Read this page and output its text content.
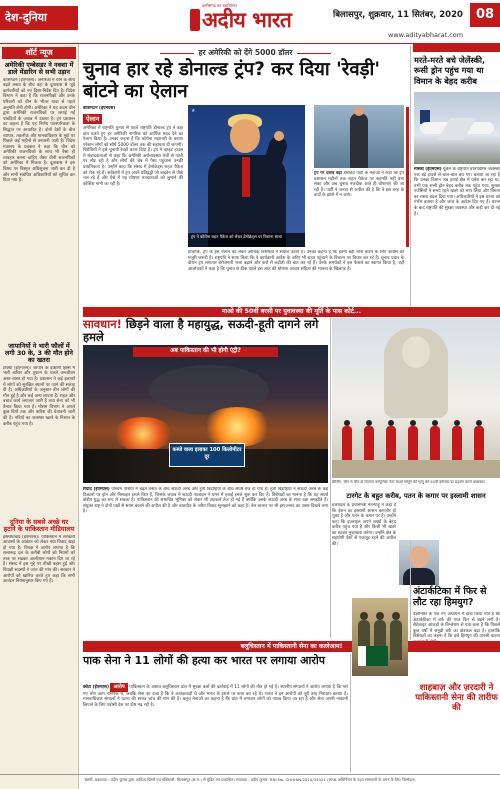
देश-दुनिया
छत्तीसगढ़ का स्वाभिमान
अदीय भारत	बिलासपुर, शुक्रवार, 11 सितंबर, 2020	08
www.adityabharat.com
शॉर्ट न्यूज
अमेरिकी एम्बेसडर ने नक्शा में डाले मेंडारिन से सभी उड़ान
वाशिंगटन (ईएमएस)। अमेरिका ने चीन के साथ बढ़ते तनाव के बीच वहां के दूतावास से जुड़े कर्मचारियों को नए दिशा-निर्देश दिए हैं। विदेश विभाग ने कहा है कि राजनयिकों और उनके परिवारों को चीन के भीतर यात्रा से पहले अनुमति लेनी होगी। अमेरिका ने यह कदम चीन द्वारा अमेरिकी राजनयिकों पर लगाई गई पाबंदियों के जवाब में उठाया है। ट्रंप प्रशासन का कहना है कि यह निर्णय पारस्परिकता के सिद्धांत पर आधारित है। दोनों देशों के बीच व्यापार, तकनीक और मानवाधिकार के मुद्दों पर पिछले कई महीनों से तनातनी जारी है। विदेश मंत्रालय के प्रवक्ता ने कहा कि चीन को अमेरिकी राजनयिकों के साथ भी वैसा ही व्यवहार करना चाहिए जैसा चीनी राजनयिकों को अमेरिका में मिलता है। दूतावास ने इस विषय पर विस्तृत अधिसूचना जारी कर दी है और सभी संबंधित अधिकारियों को सूचित कर दिया गया है।
जापानियों ने भारी फौलों में लगी 30 के, 3 की मौत होने का खतरा
टोक्यो (ईएमएस)। जापान के दक्षिणी हिस्से में भारी बारिश और तूफान के चलते जनजीवन अस्त-व्यस्त हो गया है। प्रशासन ने कई इलाकों में लोगों को सुरक्षित स्थानों पर जाने की सलाह दी है। अधिकारियों के अनुसार तीन लोगों की मौत हुई है और कई अन्य लापता हैं। राहत और बचाव कार्य लगातार जारी है तथा सेना को भी तैनात किया गया है। मौसम विभाग ने अगले कुछ दिनों तक और बारिश की चेतावनी जारी की है। नदियों का जलस्तर खतरे के निशान के करीब पहुंच गया है।
दुनिया के सबसे अच्छे घर हटाने के पाकिस्तान मीडियालय
इस्लामाबाद (ईएमएस)। पाकिस्तान में सरकारी आवासों के आवंटन को लेकर नया विवाद खड़ा हो गया है। विपक्ष ने आरोप लगाया है कि सत्तारूढ़ दल के करीबी लोगों को नियमों को ताक पर रखकर आलीशान मकान दिए जा रहे हैं। संसद में इस मुद्दे पर तीखी बहस हुई और विपक्षी सदस्यों ने जांच की मांग की। सरकार ने आरोपों को खारिज करते हुए कहा कि सभी आवंटन नियमानुसार किए गए हैं।
हर अमेरिकी को देंगे 5000 डॉलर
चुनाव हार रहे डोनाल्ड ट्रंप? कर दिया 'रेवड़ी' बांटने का ऐलान
वाशिंगटन (ईएमएस)
ऐलान
अमेरिका में राष्ट्रपति चुनाव से पहले राष्ट्रपति डोनाल्ड ट्रंप ने बड़ा दांव चलते हुए हर अमेरिकी नागरिक को आर्थिक मदद देने का ऐलान किया है। उनका कहना है कि कोरोना महामारी के कारण परेशान लोगों को सीधे 5000 डॉलर तक की सहायता दी जाएगी। विरोधियों ने इसे चुनावी रेवड़ी करार दिया है। ट्रंप ने व्हाइट हाउस में संवाददाताओं से कहा कि अमेरिकी अर्थव्यवस्था तेजी से पटरी पर लौट रही है और लोगों की जेब में पैसा पहुंचाना उनकी प्राथमिकता है। उन्होंने कहा कि संसद में डेमोक्रेट्स राहत पैकेज को रोक रहे हैं। सर्वेक्षणों में ट्रंप अपने प्रतिद्वंद्वी जो बाइडेन से पीछे चल रहे हैं और ऐसे में यह घोषणा मतदाताओं को लुभाने की कोशिश मानी जा रही है।
★
ट्रंप ने कोरोना राहत पैकेज को लेकर डेमोक्रेट्स पर निशाना साधा
हालांकि, ट्रंप के इस ऐलान को लेकर आर्थिक विशेषज्ञों ने सवाल उठाए हैं। उनका कहना है कि इतनी बड़ी राशि बांटने के लिए कांग्रेस की मंजूरी जरूरी है। राष्ट्रपति ने साफ किया कि वे कार्यकारी आदेश के जरिए भी राहत पहुंचाने के विकल्प पर विचार कर रहे हैं। चुनाव प्रचार के दौरान ट्रंप लगातार बेरोजगारी भत्ता बढ़ाने और करों में कटौती की बात कर रहे हैं। उनके समर्थकों ने इस फैसले का स्वागत किया है, वहीं आलोचकों ने कहा है कि चुनाव से ठीक पहले इस तरह की घोषणा आचार संहिता की भावना के खिलाफ है।
ट्रंप पर दबाव बढ़ा डेमोक्रेट पार्टी के नेताओं ने कहा कि ट्रंप प्रशासन महीनों तक राहत पैकेज पर सहमति नहीं बना सका और अब चुनाव नजदीक आते ही घोषणाएं की जा रही हैं। पार्टी ने जनता से अपील की है कि वे इस तरह के वादों के झांसे में न आएं।
मरते-मरते बचे जेलेंस्की, रूसी ड्रोन पहुंच गया था विमान के बेहद करीब
मॉस्को (ईएमएस) यूक्रेन के राष्ट्रपति वोलोदिमिर जेलेंस्की एक बड़े हादसे से बाल-बाल बच गए। बताया जा रहा है कि उनका विमान जब हवाई क्षेत्र में प्रवेश कर रहा था, तभी एक रूसी ड्रोन बेहद करीब तक पहुंच गया। सुरक्षा एजेंसियों ने समय रहते खतरे को भांप लिया और विमान का रास्ता बदल दिया गया। अधिकारियों ने इस घटना को गंभीर बताया है और जांच के आदेश दिए गए हैं। घटना के बाद राष्ट्रपति की सुरक्षा व्यवस्था और कड़ी कर दी गई है।
माओ की 50वीं बरसी पर युवावस्था की मूर्ति के पास कोर्ट...
सावधान! छिड़ने वाला है महायुद्ध, सऊदी-हूती दागने लगे हमले
अब पाकिस्तान की भी होगी एंट्री?
कब्जे वाला इलाका 100 किलोमीटर दूर
रियाद (ईएमएस) पश्चिम एशिया में बढ़ते तनाव के बीच सऊदी अरब और हूती विद्रोहियों के बीच संघर्ष तेज हो गया है। हूती विद्रोहियों ने सऊदी अरब के कई ठिकानों पर ड्रोन और मिसाइल हमले किए हैं, जिसके जवाब में सऊदी गठबंधन ने यमन में हवाई हमले शुरू कर दिए हैं। विशेषज्ञों का मानना है कि यह संघर्ष क्षेत्रीय युद्ध का रूप ले सकता है। पाकिस्तान की संभावित भूमिका को लेकर भी अटकलें तेज हो गई हैं क्योंकि उसके सऊदी अरब के साथ रक्षा समझौते हैं। संयुक्त राष्ट्र ने दोनों पक्षों से संयम बरतने की अपील की है और बातचीत के जरिए विवाद सुलझाने को कहा है। तेल बाजार पर भी इस तनाव का असर दिखने लगा है।
बीजिंग, चीन में चीन के दिवंगत कम्युनिस्ट नेता माओ त्सेतुंग की मृत्यु की 50वीं वर्षगांठ पर प्रदर्शन करते कलाकार
टारगेट के बहुत करीब, पतन के कगार पर इस्लामी शासन
इजराइल के प्रधानमंत्री नेतन्याहू ने कहा है कि ईरान का इस्लामी शासन कमजोर हो चुका है और पतन के कगार पर है। उन्होंने कहा कि इजराइल अपने लक्ष्यों के बेहद करीब पहुंच गया है और किसी भी खतरे का डटकर मुकाबला करेगा। उन्होंने क्षेत्र के सहयोगी देशों से एकजुट रहने की अपील की।
अंटार्कटिका में फिर से लौट रहा हिमयुग?
वैज्ञानिकों के एक नए अध्ययन में दावा किया गया है कि अंटार्कटिका में बर्फ की परत फिर से बढ़ने लगी है। सैटेलाइट आंकड़ों के विश्लेषण से पता चला है कि पिछले कुछ वर्षों में समुद्री बर्फ का क्षेत्रफल बढ़ा है। हालांकि विशेषज्ञों का कहना है कि इसे हिमयुग की वापसी कहना
बलूचिस्तान में पाकिस्तानी सेना का कत्लेआम!
पाक सेना ने 11 लोगों की हत्या कर भारत पर लगाया आरोप
क्वेटा (ईएमएस) आरोप पाकिस्तान के अशांत बलूचिस्तान प्रांत में सुरक्षा बलों की कार्रवाई में 11 लोगों की मौत हो गई है। स्थानीय संगठनों ने आरोप लगाया है कि मारे गए लोग आम नागरिक थे, जबकि सेना का दावा है कि वे आतंकवादी थे और भारत के इशारे पर काम कर रहे थे। भारत ने इन आरोपों को पूरी तरह निराधार बताया है। मानवाधिकार संगठनों ने घटना की स्वतंत्र जांच की मांग की है। बलूच नेताओं का कहना है कि प्रांत में लगातार लोगों को गायब किया जा रहा है और सेना अपनी नाकामी छिपाने के लिए पड़ोसी देश पर दोष मढ़ रही है।
शाहबाज़ और ज़रदारी ने पाकिस्तानी सेना की तारीफ की
स्वामी, प्रकाशक : प्रदीप कुमार द्वारा आदित्य प्रिंटर्स एवं पब्लिशर्स, बिलासपुर (छ.ग.) से मुद्रित एवं प्रकाशित। संपादक : प्रदीप कुमार, RNI No. CHHHIN/2010/34521 (PRB अधिनियम के तहत समाचारों के चयन के लिए जिम्मेदार)
